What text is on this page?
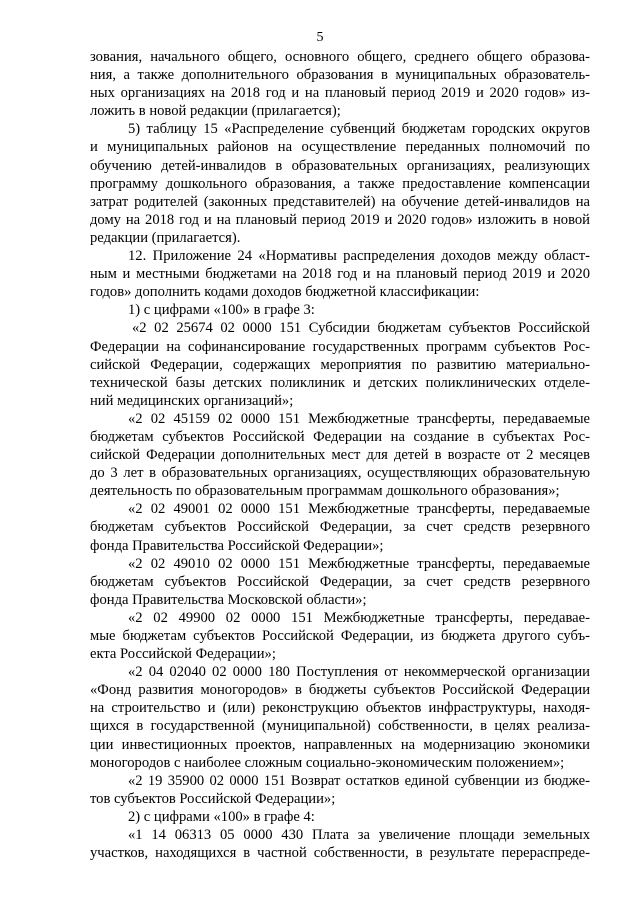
5
зования, начального общего, основного общего, среднего общего образова-
ния, а также дополнительного образования в муниципальных образователь-
ных организациях на 2018 год и на плановый период 2019 и 2020 годов» из-
ложить в новой редакции (прилагается);
5) таблицу 15 «Распределение субвенций бюджетам городских округов
и муниципальных районов на осуществление переданных полномочий по
обучению детей-инвалидов в образовательных организациях, реализующих
программу дошкольного образования, а также предоставление компенсации
затрат родителей (законных представителей) на обучение детей-инвалидов на
дому на 2018 год и на плановый период 2019 и 2020 годов» изложить в новой
редакции (прилагается).
12. Приложение 24 «Нормативы распределения доходов между област-
ным и местными бюджетами на 2018 год и на плановый период 2019 и 2020
годов» дополнить кодами доходов бюджетной классификации:
1) с цифрами «100» в графе 3:
«2 02 25674 02 0000 151 Субсидии бюджетам субъектов Российской
Федерации на софинансирование государственных программ субъектов Рос-
сийской Федерации, содержащих мероприятия по развитию материально-
технической базы детских поликлиник и детских поликлинических отделе-
ний медицинских организаций»;
«2 02 45159 02 0000 151 Межбюджетные трансферты, передаваемые
бюджетам субъектов Российской Федерации на создание в субъектах Рос-
сийской Федерации дополнительных мест для детей в возрасте от 2 месяцев
до 3 лет в образовательных организациях, осуществляющих образовательную
деятельность по образовательным программам дошкольного образования»;
«2 02 49001 02 0000 151 Межбюджетные трансферты, передаваемые
бюджетам субъектов Российской Федерации, за счет средств резервного
фонда Правительства Российской Федерации»;
«2 02 49010 02 0000 151 Межбюджетные трансферты, передаваемые
бюджетам субъектов Российской Федерации, за счет средств резервного
фонда Правительства Московской области»;
«2 02 49900 02 0000 151 Межбюджетные трансферты, передавае-
мые бюджетам субъектов Российской Федерации, из бюджета другого субъ-
екта Российской Федерации»;
«2 04 02040 02 0000 180 Поступления от некоммерческой организации
«Фонд развития моногородов» в бюджеты субъектов Российской Федерации
на строительство и (или) реконструкцию объектов инфраструктуры, находя-
щихся в государственной (муниципальной) собственности, в целях реализа-
ции инвестиционных проектов, направленных на модернизацию экономики
моногородов с наиболее сложным социально-экономическим положением»;
«2 19 35900 02 0000 151 Возврат остатков единой субвенции из бюдже-
тов субъектов Российской Федерации»;
2) с цифрами «100» в графе 4:
«1 14 06313 05 0000 430 Плата за увеличение площади земельных
участков, находящихся в частной собственности, в результате перераспреде-
